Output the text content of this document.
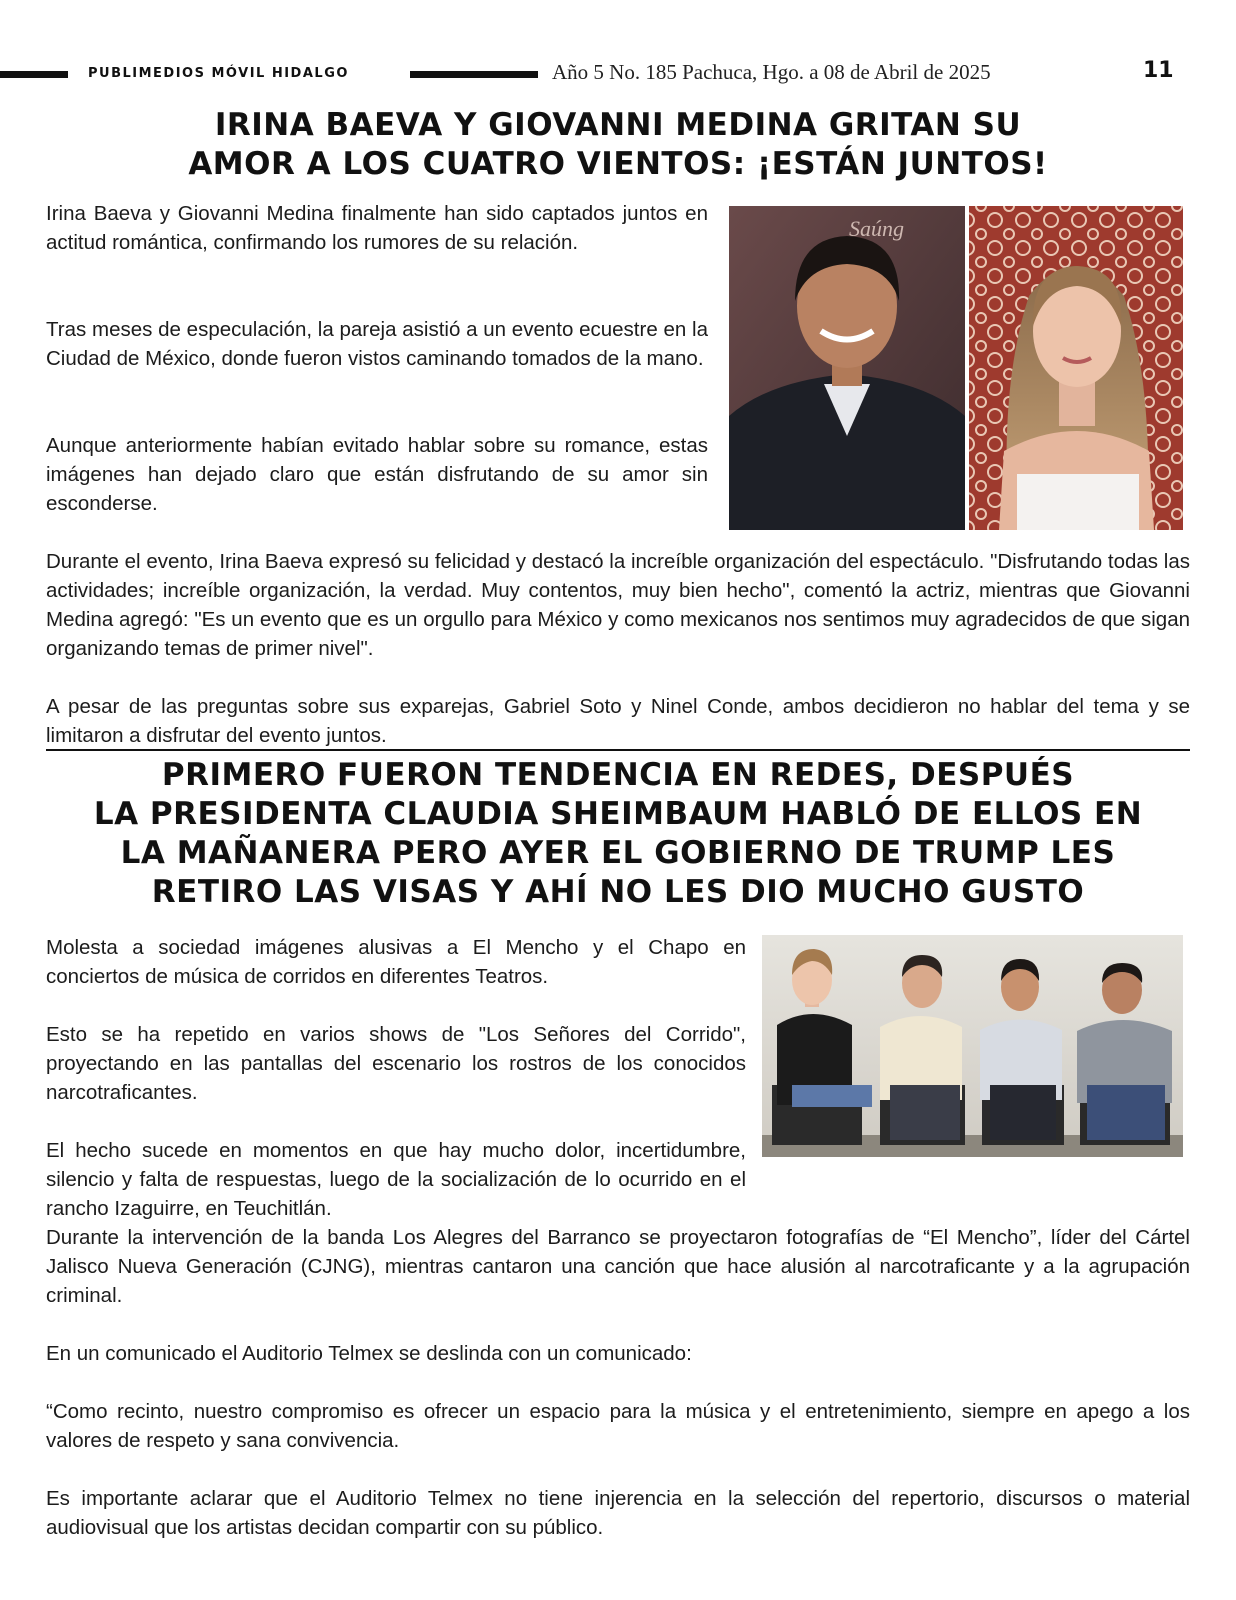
PUBLIMEDIOS MÓVIL HIDALGO	Año 5 No. 185 Pachuca, Hgo. a 08 de Abril de 2025	11
IRINA BAEVA Y GIOVANNI MEDINA GRITAN SU
AMOR A LOS CUATRO VIENTOS: ¡ESTÁN JUNTOS!

Irina Baeva y Giovanni Medina finalmente han sido captados juntos en actitud romántica, confirmando los rumores de su relación.

Tras meses de especulación, la pareja asistió a un evento ecuestre en la Ciudad de México, donde fueron vistos caminando tomados de la mano.

Aunque anteriormente habían evitado hablar sobre su romance, estas imágenes han dejado claro que están disfrutando de su amor sin esconderse.

Durante el evento, Irina Baeva expresó su felicidad y destacó la increíble organización del espectáculo. "Disfrutando todas las actividades; increíble organización, la verdad. Muy contentos, muy bien hecho", comentó la actriz, mientras que Giovanni Medina agregó: "Es un evento que es un orgullo para México y como mexicanos nos sentimos muy agradecidos de que sigan organizando temas de primer nivel".

A pesar de las preguntas sobre sus exparejas, Gabriel Soto y Ninel Conde, ambos decidieron no hablar del tema y se limitaron a disfrutar del evento juntos.

Saúng
PRIMERO FUERON TENDENCIA EN REDES, DESPUÉS
LA PRESIDENTA CLAUDIA SHEIMBAUM HABLÓ DE ELLOS EN
LA MAÑANERA PERO AYER EL GOBIERNO DE TRUMP LES
RETIRO LAS VISAS Y AHÍ NO LES DIO MUCHO GUSTO

Molesta a sociedad imágenes alusivas a El Mencho y el Chapo en conciertos de música de corridos en diferentes Teatros.

Esto se ha repetido en varios shows de "Los Señores del Corrido", proyectando en las pantallas del escenario los rostros de los conocidos narcotraficantes.

El hecho sucede en momentos en que hay mucho dolor, incertidumbre, silencio y falta de respuestas, luego de la socialización de lo ocurrido en el rancho Izaguirre, en Teuchitlán.

Durante la intervención de la banda Los Alegres del Barranco se proyectaron fotografías de “El Mencho”, líder del Cártel Jalisco Nueva Generación (CJNG), mientras cantaron una canción que hace alusión al narcotraficante y a la agrupación criminal.

En un comunicado el Auditorio Telmex se deslinda con un comunicado:

“Como recinto, nuestro compromiso es ofrecer un espacio para la música y el entretenimiento, siempre en apego a los valores de respeto y sana convivencia.

Es importante aclarar que el Auditorio Telmex no tiene injerencia en la selección del repertorio, discursos o material audiovisual que los artistas decidan compartir con su público.
